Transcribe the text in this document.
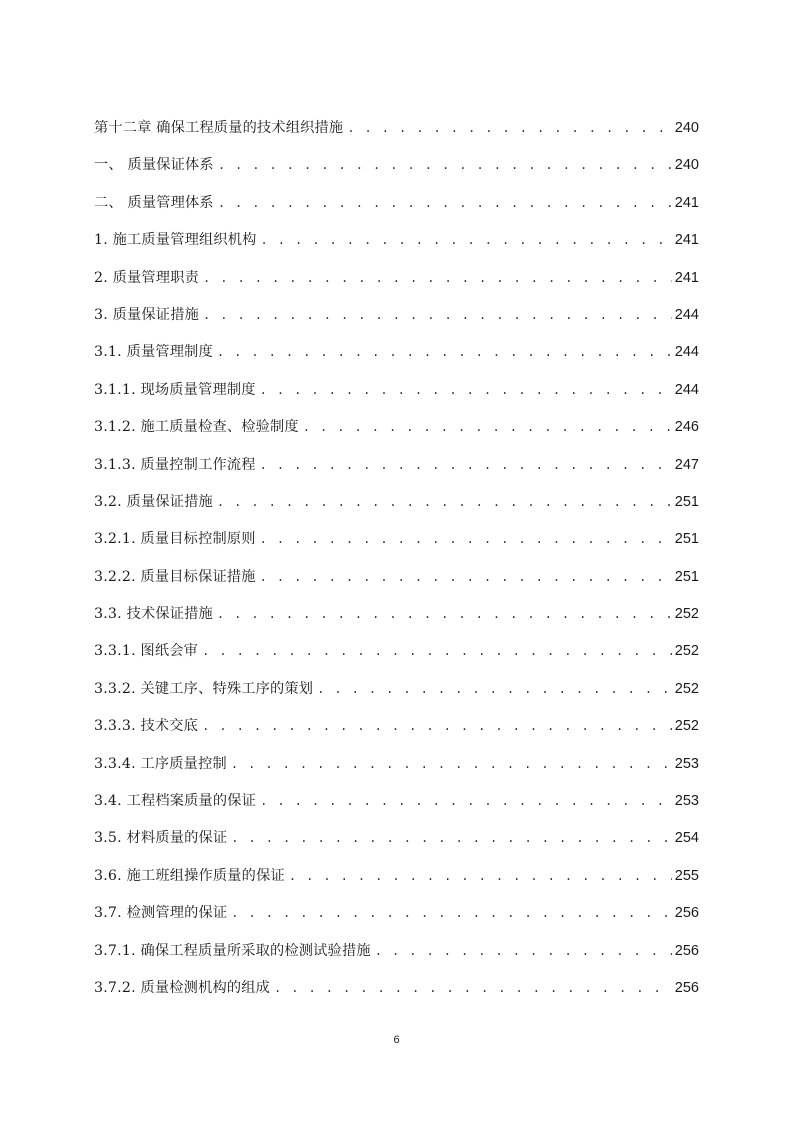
第十二章 确保工程质量的技术组织措施 . . .	240
一、 质量保证体系 . . .	240
二、 质量管理体系 . . .	241
1. 施工质量管理组织机构 . . .	241
2. 质量管理职责 . . .	241
3. 质量保证措施 . . .	244
3.1. 质量管理制度 . . .	244
3.1.1. 现场质量管理制度 . . .	244
3.1.2. 施工质量检查、检验制度 . . .	246
3.1.3. 质量控制工作流程 . . .	247
3.2. 质量保证措施 . . .	251
3.2.1. 质量目标控制原则 . . .	251
3.2.2. 质量目标保证措施 . . .	251
3.3. 技术保证措施 . . .	252
3.3.1. 图纸会审 . . .	252
3.3.2. 关键工序、特殊工序的策划 . . .	252
3.3.3. 技术交底 . . .	252
3.3.4. 工序质量控制 . . .	253
3.4. 工程档案质量的保证 . . .	253
3.5. 材料质量的保证 . . .	254
3.6. 施工班组操作质量的保证 . . .	255
3.7. 检测管理的保证 . . .	256
3.7.1. 确保工程质量所采取的检测试验措施 . . .	256
3.7.2. 质量检测机构的组成 . . .	256
6
